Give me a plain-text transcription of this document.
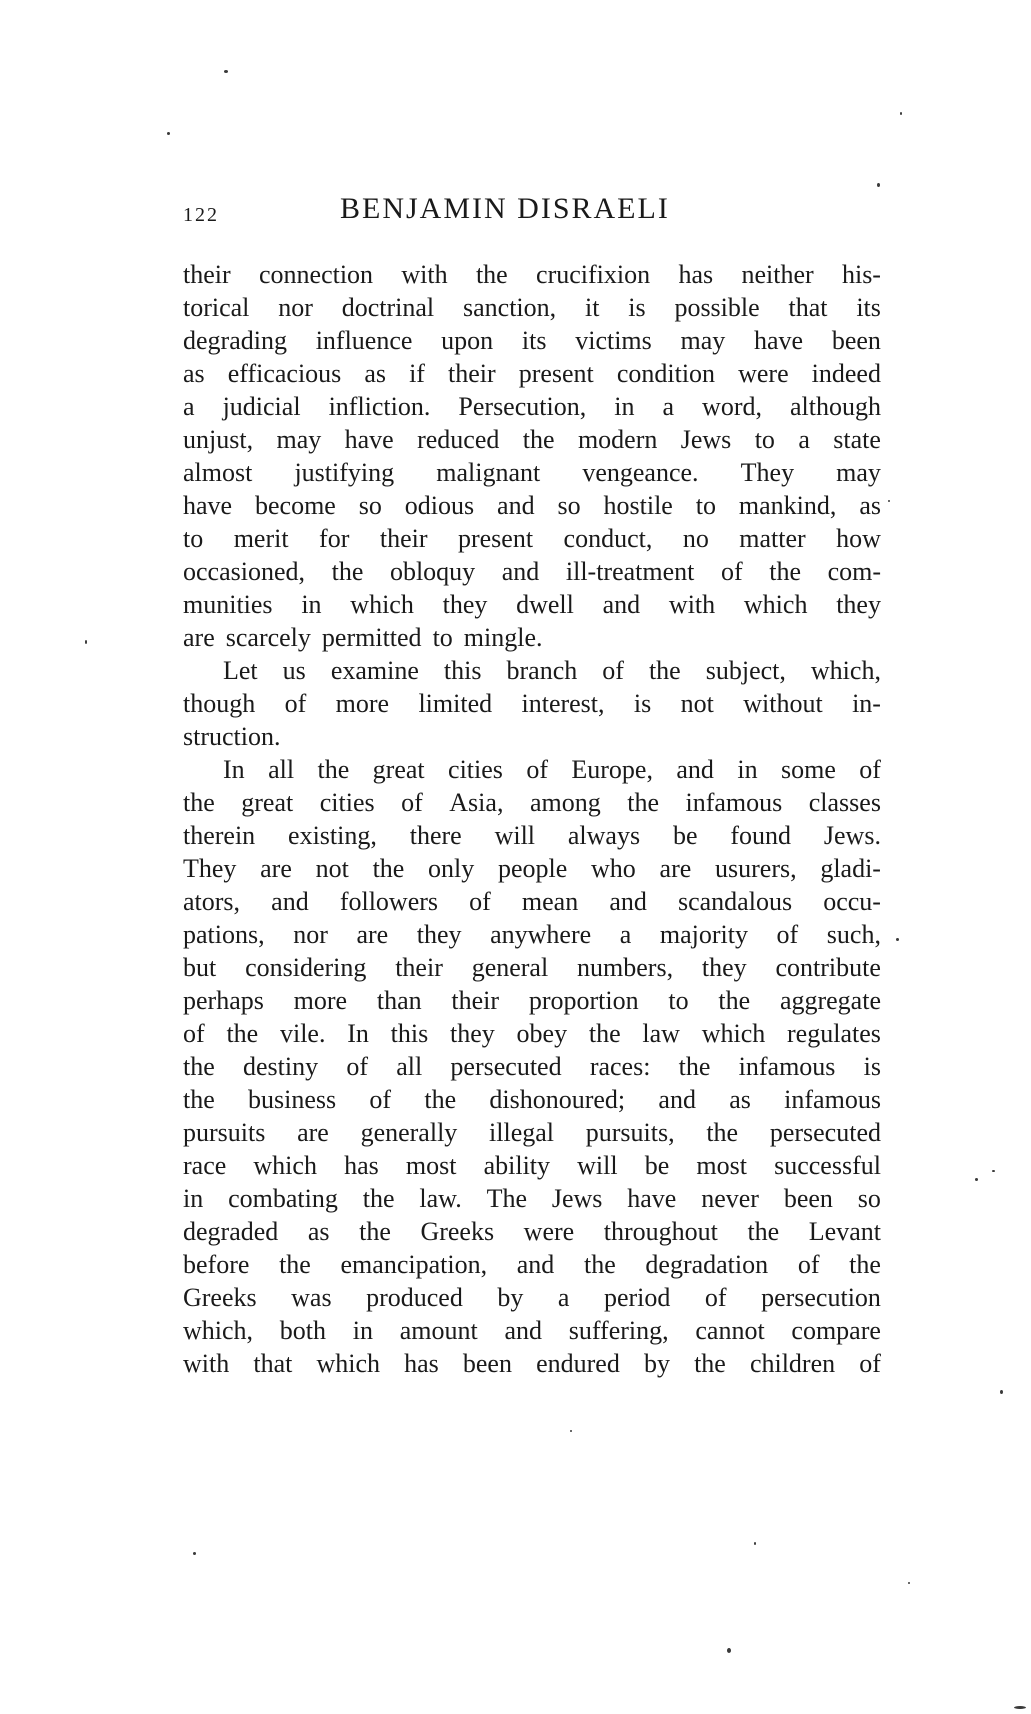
122	BENJAMIN DISRAELI
their connection with the crucifixion has neither his-
torical nor doctrinal sanction, it is possible that its
degrading influence upon its victims may have been
as efficacious as if their present condition were indeed
a judicial infliction. Persecution, in a word, although
unjust, may have reduced the modern Jews to a state
almost justifying malignant vengeance. They may
have become so odious and so hostile to mankind, as
to merit for their present conduct, no matter how
occasioned, the obloquy and ill-treatment of the com-
munities in which they dwell and with which they
are scarcely permitted to mingle.
Let us examine this branch of the subject, which,
though of more limited interest, is not without in-
struction.
In all the great cities of Europe, and in some of
the great cities of Asia, among the infamous classes
therein existing, there will always be found Jews.
They are not the only people who are usurers, gladi-
ators, and followers of mean and scandalous occu-
pations, nor are they anywhere a majority of such,
but considering their general numbers, they contribute
perhaps more than their proportion to the aggregate
of the vile. In this they obey the law which regulates
the destiny of all persecuted races: the infamous is
the business of the dishonoured; and as infamous
pursuits are generally illegal pursuits, the persecuted
race which has most ability will be most successful
in combating the law. The Jews have never been so
degraded as the Greeks were throughout the Levant
before the emancipation, and the degradation of the
Greeks was produced by a period of persecution
which, both in amount and suffering, cannot compare
with that which has been endured by the children of
